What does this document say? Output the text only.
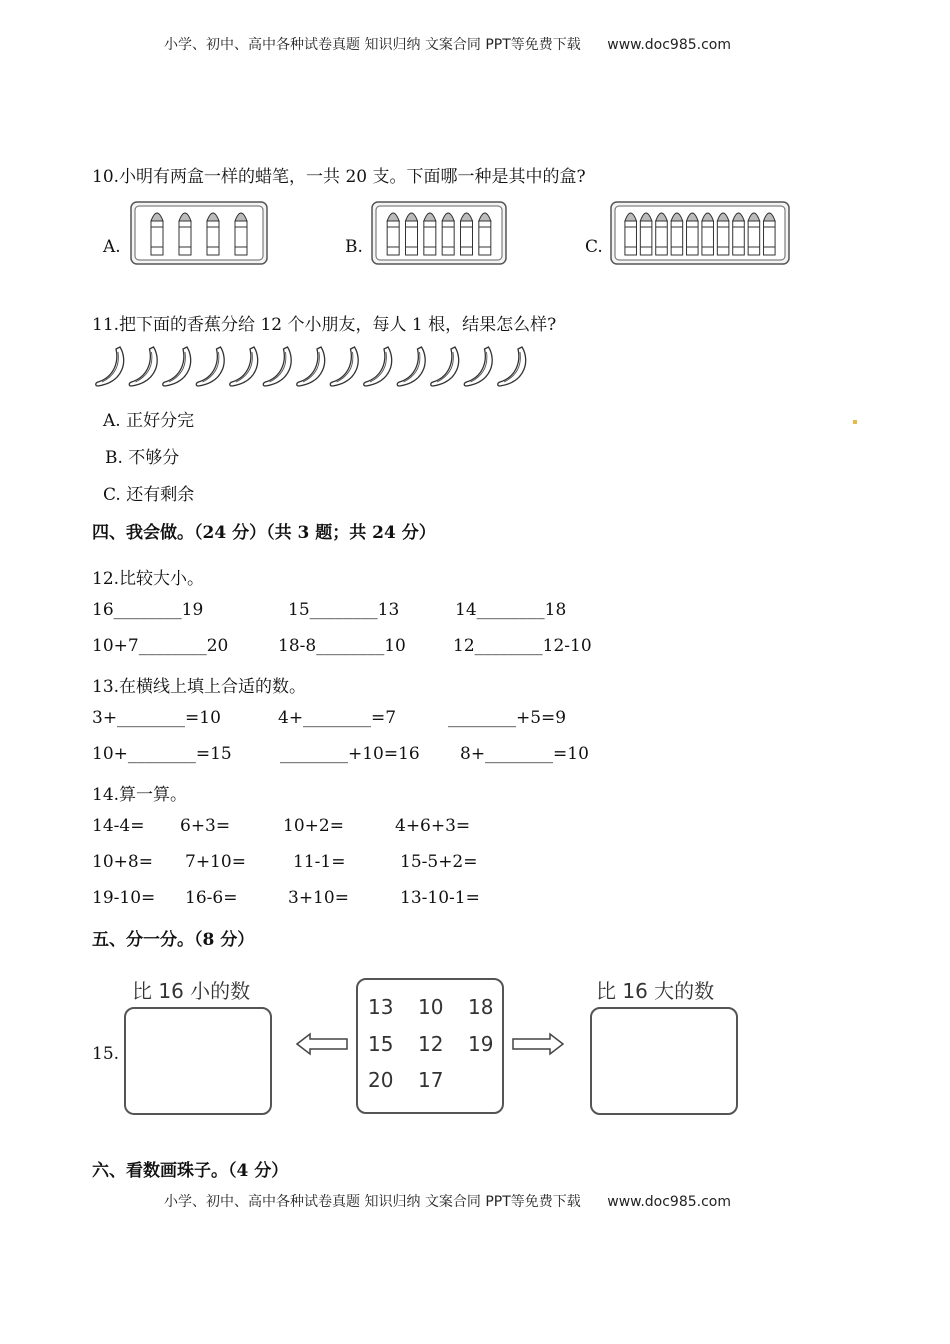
小学、初中、高中各种试卷真题 知识归纳 文案合同 PPT等免费下载 www.doc985.com
10.小明有两盒一样的蜡笔，一共 20 支。下面哪一种是其中的盒?
A.	B.	C.
11.把下面的香蕉分给 12 个小朋友，每人 1 根，结果怎么样?
A. 正好分完
B. 不够分
C. 还有剩余
四、我会做。（24 分）（共 3 题；共 24 分）
12.比较大小。
16________19	15________13	14________18
10+7________20	18-8________10	12________12-10
13.在横线上填上合适的数。
3+________=10	4+________=7	________+5=9
10+________=15	________+10=16 8+________=10
14.算一算。
14-4= 6+3=	10+2=	4+6+3=
10+8= 7+10=	11-1=	15-5+2=
19-10= 16-6=	3+10=	13-10-1=
五、分一分。（8 分）
15.
比 16 小的数
13 10 18
15 12 19
20 17
比 16 大的数
六、看数画珠子。（4 分）
小学、初中、高中各种试卷真题 知识归纳 文案合同 PPT等免费下载 www.doc985.com
